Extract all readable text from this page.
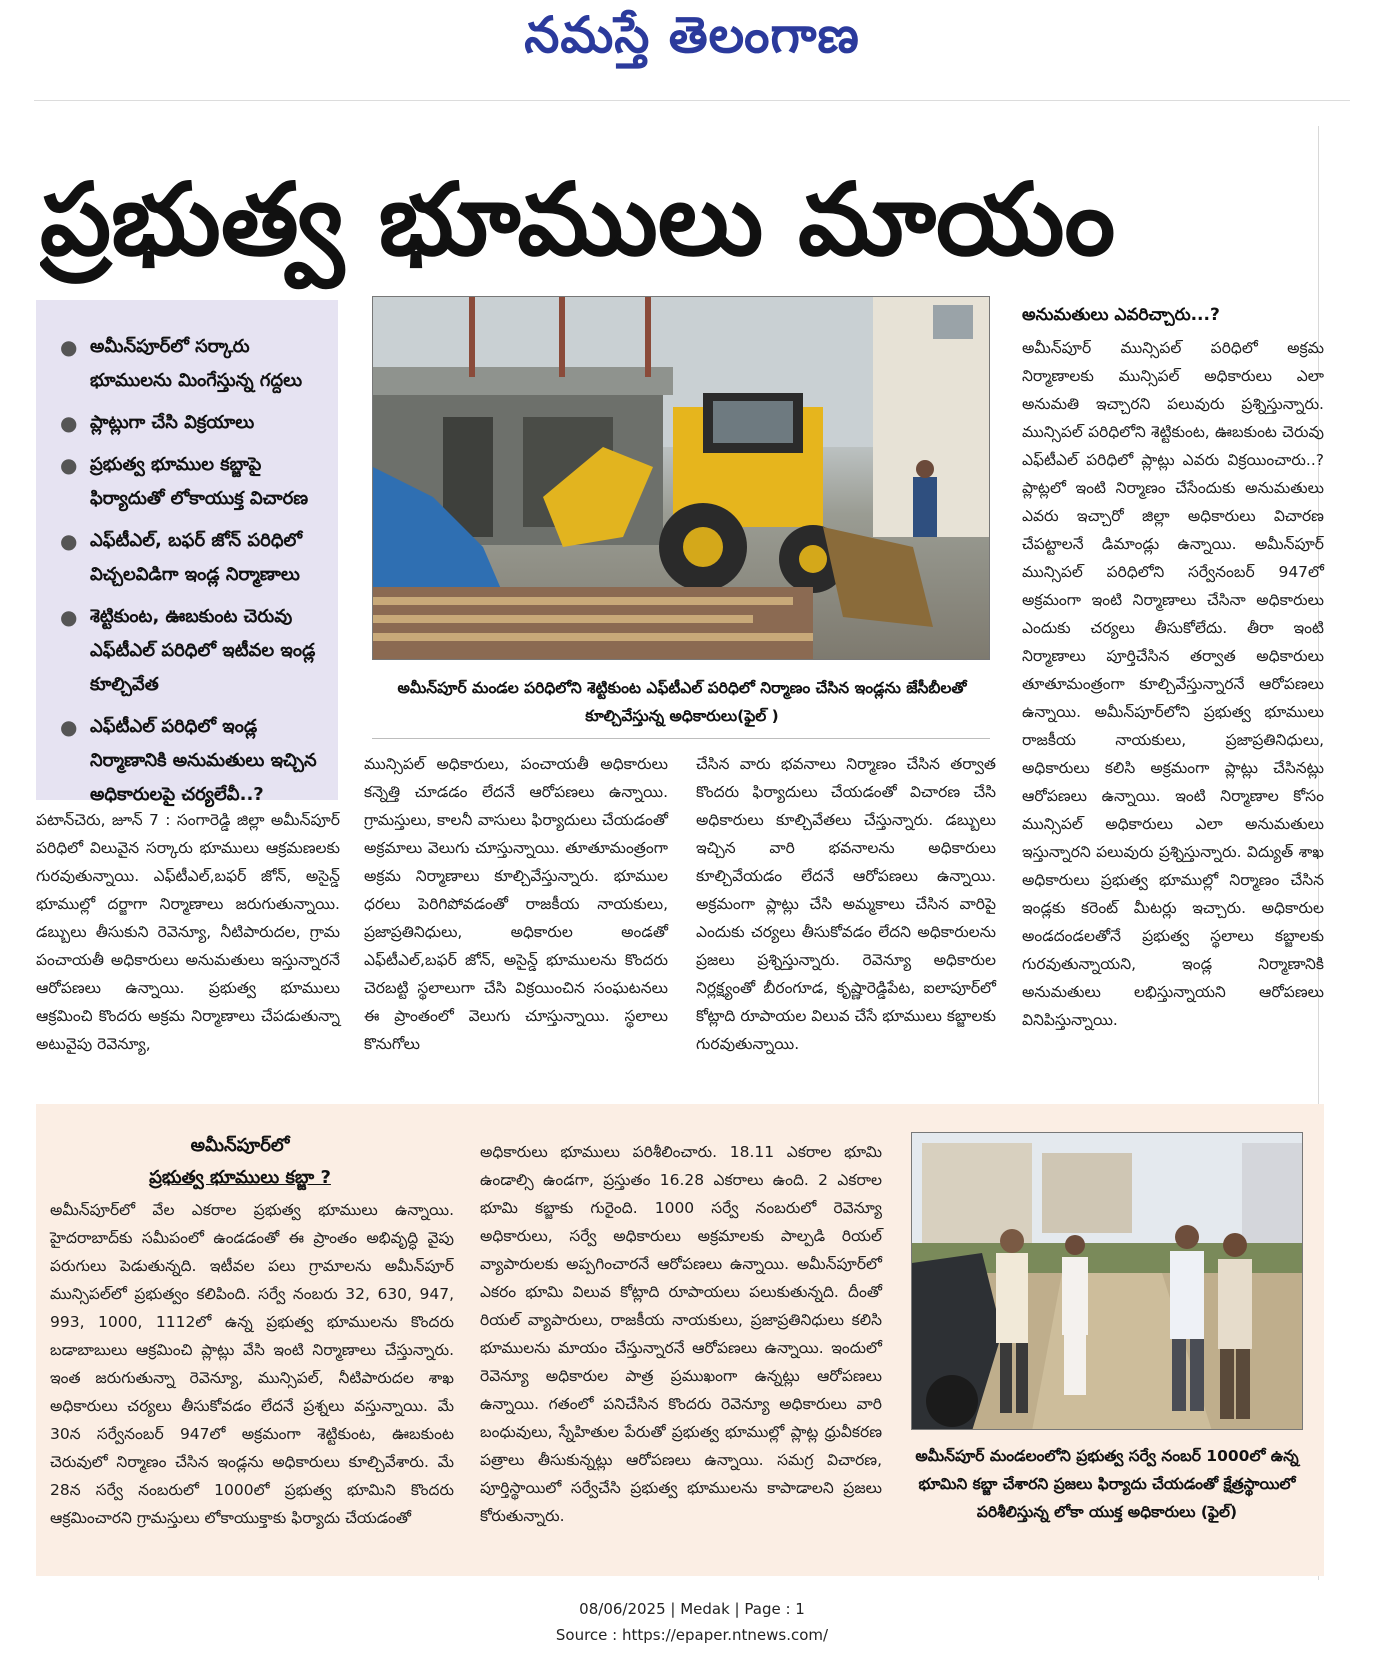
నమస్తే తెలంగాణ
ప్రభుత్వ భూములు మాయం
● అమీన్‌పూర్‌లో సర్కారు భూములను మింగేస్తున్న గద్దలు
● ప్లాట్లుగా చేసి విక్రయాలు
● ప్రభుత్వ భూముల కబ్జాపై ఫిర్యాదుతో లోకాయుక్త విచారణ
● ఎఫ్‌టీఎల్, బఫర్ జోన్ పరిధిలో విచ్చలవిడిగా ఇండ్ల నిర్మాణాలు
● శెట్టికుంట, ఊబకుంట చెరువు ఎఫ్‌టీఎల్ పరిధిలో ఇటీవల ఇండ్ల కూల్చివేత
● ఎఫ్‌టీఎల్ పరిధిలో ఇండ్ల నిర్మాణానికి అనుమతులు ఇచ్చిన అధికారులపై చర్యలేవీ..?
అమీన్‌పూర్ మండల పరిధిలోని శెట్టికుంట ఎఫ్‌టీఎల్ పరిధిలో నిర్మాణం చేసిన ఇండ్లను జేసీబీలతో కూల్చివేస్తున్న అధికారులు(ఫైల్ )
పటాన్‌చెరు, జూన్ 7 : సంగారెడ్డి జిల్లా అమీన్‌పూర్ పరిధిలో విలువైన సర్కారు భూములు ఆక్రమణలకు గురవుతున్నాయి. ఎఫ్‌టీఎల్,బఫర్ జోన్, అసైన్డ్ భూముల్లో దర్జాగా నిర్మాణాలు జరుగుతున్నాయి. డబ్బులు తీసుకుని రెవెన్యూ, నీటిపారుదల, గ్రామ పంచాయతీ అధికారులు అనుమతులు ఇస్తున్నారనే ఆరోపణలు ఉన్నాయి. ప్రభుత్వ భూములు ఆక్రమించి కొందరు అక్రమ నిర్మాణాలు చేపడుతున్నా అటువైపు రెవెన్యూ,
మున్సిపల్ అధికారులు, పంచాయతీ అధికారులు కన్నెత్తి చూడడం లేదనే ఆరోపణలు ఉన్నాయి. గ్రామస్తులు, కాలనీ వాసులు ఫిర్యాదులు చేయడంతో అక్రమాలు వెలుగు చూస్తున్నాయి. తూతూమంత్రంగా అక్రమ నిర్మాణాలు కూల్చివేస్తున్నారు. భూముల ధరలు పెరిగిపోవడంతో రాజకీయ నాయకులు, ప్రజాప్రతినిధులు, అధికారుల అండతో ఎఫ్‌టీఎల్,బఫర్ జోన్, అసైన్డ్ భూములను కొందరు చెరబట్టి స్థలాలుగా చేసి విక్రయించిన సంఘటనలు ఈ ప్రాంతంలో వెలుగు చూస్తున్నాయి. స్థలాలు కొనుగోలు
చేసిన వారు భవనాలు నిర్మాణం చేసిన తర్వాత కొందరు ఫిర్యాదులు చేయడంతో విచారణ చేసి అధికారులు కూల్చివేతలు చేస్తున్నారు. డబ్బులు ఇచ్చిన వారి భవనాలను అధికారులు కూల్చివేయడం లేదనే ఆరోపణలు ఉన్నాయి. అక్రమంగా ప్లాట్లు చేసి అమ్మకాలు చేసిన వారిపై ఎందుకు చర్యలు తీసుకోవడం లేదని అధికారులను ప్రజలు ప్రశ్నిస్తున్నారు. రెవెన్యూ అధికారుల నిర్లక్ష్యంతో బీరంగూడ, కృష్ణారెడ్డిపేట, ఐలాపూర్‌లో కోట్లాది రూపాయల విలువ చేసే భూములు కబ్జాలకు గురవుతున్నాయి.
అనుమతులు ఎవరిచ్చారు...?
అమీన్‌పూర్ మున్సిపల్ పరిధిలో అక్రమ నిర్మాణాలకు మున్సిపల్ అధికారులు ఎలా అనుమతి ఇచ్చారని పలువురు ప్రశ్నిస్తున్నారు. మున్సిపల్ పరిధిలోని శెట్టికుంట, ఊబకుంట చెరువు ఎఫ్‌టీఎల్ పరిధిలో ప్లాట్లు ఎవరు విక్రయించారు..? ప్లాట్లలో ఇంటి నిర్మాణం చేసేందుకు అనుమతులు ఎవరు ఇచ్చారో జిల్లా అధికారులు విచారణ చేపట్టాలనే డిమాండ్లు ఉన్నాయి. అమీన్‌పూర్ మున్సిపల్ పరిధిలోని సర్వేనంబర్ 947లో అక్రమంగా ఇంటి నిర్మాణాలు చేసినా అధికారులు ఎందుకు చర్యలు తీసుకోలేదు. తీరా ఇంటి నిర్మాణాలు పూర్తిచేసిన తర్వాత అధికారులు తూతూమంత్రంగా కూల్చివేస్తున్నారనే ఆరోపణలు ఉన్నాయి. అమీన్‌పూర్‌లోని ప్రభుత్వ భూములు రాజకీయ నాయకులు, ప్రజాప్రతినిధులు, అధికారులు కలిసి అక్రమంగా ప్లాట్లు చేసినట్లు ఆరోపణలు ఉన్నాయి. ఇంటి నిర్మాణాల కోసం మున్సిపల్ అధికారులు ఎలా అనుమతులు ఇస్తున్నారని పలువురు ప్రశ్నిస్తున్నారు. విద్యుత్ శాఖ అధికారులు ప్రభుత్వ భూముల్లో నిర్మాణం చేసిన ఇండ్లకు కరెంట్ మీటర్లు ఇచ్చారు. అధికారుల అండదండలతోనే ప్రభుత్వ స్థలాలు కబ్జాలకు గురవుతున్నాయని, ఇండ్ల నిర్మాణానికి అనుమతులు లభిస్తున్నాయని ఆరోపణలు వినిపిస్తున్నాయి.
అమీన్‌పూర్‌లో
ప్రభుత్వ భూములు కబ్జా ?
అమీన్‌పూర్‌లో వేల ఎకరాల ప్రభుత్వ భూములు ఉన్నాయి. హైదరాబాద్‌కు సమీపంలో ఉండడంతో ఈ ప్రాంతం అభివృద్ధి వైపు పరుగులు పెడుతున్నది. ఇటీవల పలు గ్రామాలను అమీన్‌పూర్ మున్సిపల్‌లో ప్రభుత్వం కలిపింది. సర్వే నంబరు 32, 630, 947, 993, 1000, 1112లో ఉన్న ప్రభుత్వ భూములను కొందరు బడాబాబులు ఆక్రమించి ప్లాట్లు వేసి ఇంటి నిర్మాణాలు చేస్తున్నారు. ఇంత జరుగుతున్నా రెవెన్యూ, మున్సిపల్, నీటిపారుదల శాఖ అధికారులు చర్యలు తీసుకోవడం లేదనే ప్రశ్నలు వస్తున్నాయి. మే 30న సర్వేనంబర్ 947లో అక్రమంగా శెట్టికుంట, ఊబకుంట చెరువులో నిర్మాణం చేసిన ఇండ్లను అధికారులు కూల్చివేశారు. మే 28న సర్వే నంబరులో 1000లో ప్రభుత్వ భూమిని కొందరు ఆక్రమించారని గ్రామస్తులు లోకాయుక్తాకు ఫిర్యాదు చేయడంతో
అధికారులు భూములు పరిశీలించారు. 18.11 ఎకరాల భూమి ఉండాల్సి ఉండగా, ప్రస్తుతం 16.28 ఎకరాలు ఉంది. 2 ఎకరాల భూమి కబ్జాకు గురైంది. 1000 సర్వే నంబరులో రెవెన్యూ అధికారులు, సర్వే అధికారులు అక్రమాలకు పాల్పడి రియల్ వ్యాపారులకు అప్పగించారనే ఆరోపణలు ఉన్నాయి. అమీన్‌పూర్‌లో ఎకరం భూమి విలువ కోట్లాది రూపాయలు పలుకుతున్నది. దీంతో రియల్ వ్యాపారులు, రాజకీయ నాయకులు, ప్రజాప్రతినిధులు కలిసి భూములను మాయం చేస్తున్నారనే ఆరోపణలు ఉన్నాయి. ఇందులో రెవెన్యూ అధికారుల పాత్ర ప్రముఖంగా ఉన్నట్లు ఆరోపణలు ఉన్నాయి. గతంలో పనిచేసిన కొందరు రెవెన్యూ అధికారులు వారి బంధువులు, స్నేహితుల పేరుతో ప్రభుత్వ భూముల్లో ప్లాట్ల ధ్రువీకరణ పత్రాలు తీసుకున్నట్లు ఆరోపణలు ఉన్నాయి. సమగ్ర విచారణ, పూర్తిస్థాయిలో సర్వేచేసి ప్రభుత్వ భూములను కాపాడాలని ప్రజలు కోరుతున్నారు.
అమీన్‌పూర్ మండలంలోని ప్రభుత్వ సర్వే నంబర్ 1000లో ఉన్న భూమిని కబ్జా చేశారని ప్రజలు ఫిర్యాదు చేయడంతో క్షేత్రస్థాయిలో పరిశీలిస్తున్న లోకా యుక్త అధికారులు (ఫైల్)
08/06/2025 | Medak | Page : 1
Source : https://epaper.ntnews.com/
